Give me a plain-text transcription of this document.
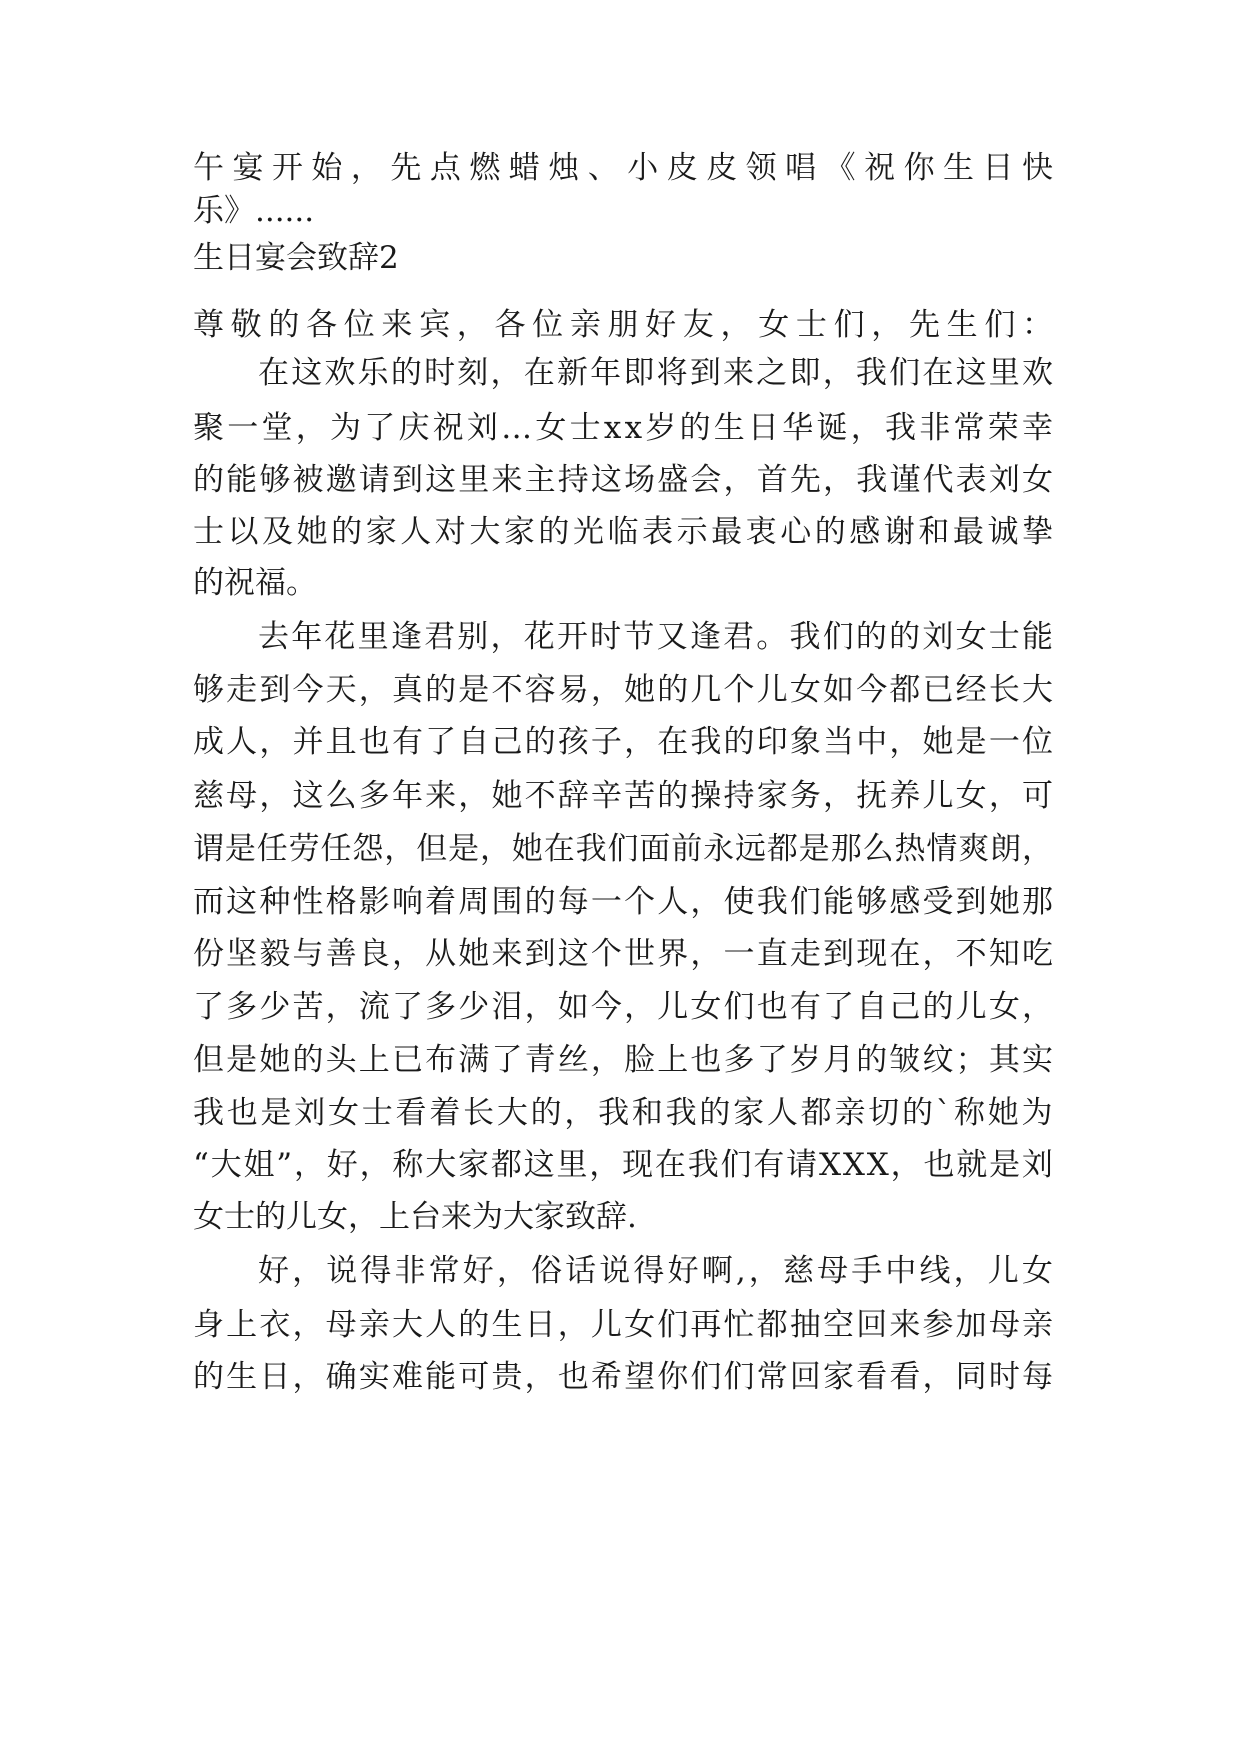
午宴开始，先点燃蜡烛、小皮皮领唱《祝你生日快
乐》......
生日宴会致辞2
尊敬的各位来宾，各位亲朋好友，女士们，先生们：
在这欢乐的时刻，在新年即将到来之即，我们在这里欢
聚一堂，为了庆祝刘…女士xx岁的生日华诞，我非常荣幸
的能够被邀请到这里来主持这场盛会，首先，我谨代表刘女
士以及她的家人对大家的光临表示最衷心的感谢和最诚挚
的祝福。
去年花里逢君别，花开时节又逢君。我们的的刘女士能
够走到今天，真的是不容易，她的几个儿女如今都已经长大
成人，并且也有了自己的孩子，在我的印象当中，她是一位
慈母，这么多年来，她不辞辛苦的操持家务，抚养儿女，可
谓是任劳任怨，但是，她在我们面前永远都是那么热情爽朗，
而这种性格影响着周围的每一个人，使我们能够感受到她那
份坚毅与善良，从她来到这个世界，一直走到现在，不知吃
了多少苦，流了多少泪，如今，儿女们也有了自己的儿女，
但是她的头上已布满了青丝，脸上也多了岁月的皱纹；其实
我也是刘女士看着长大的，我和我的家人都亲切的`称她为
“大姐”，好，称大家都这里，现在我们有请XXX，也就是刘
女士的儿女，上台来为大家致辞.
好，说得非常好，俗话说得好啊,，慈母手中线，儿女
身上衣，母亲大人的生日，儿女们再忙都抽空回来参加母亲
的生日，确实难能可贵，也希望你们们常回家看看，同时每
